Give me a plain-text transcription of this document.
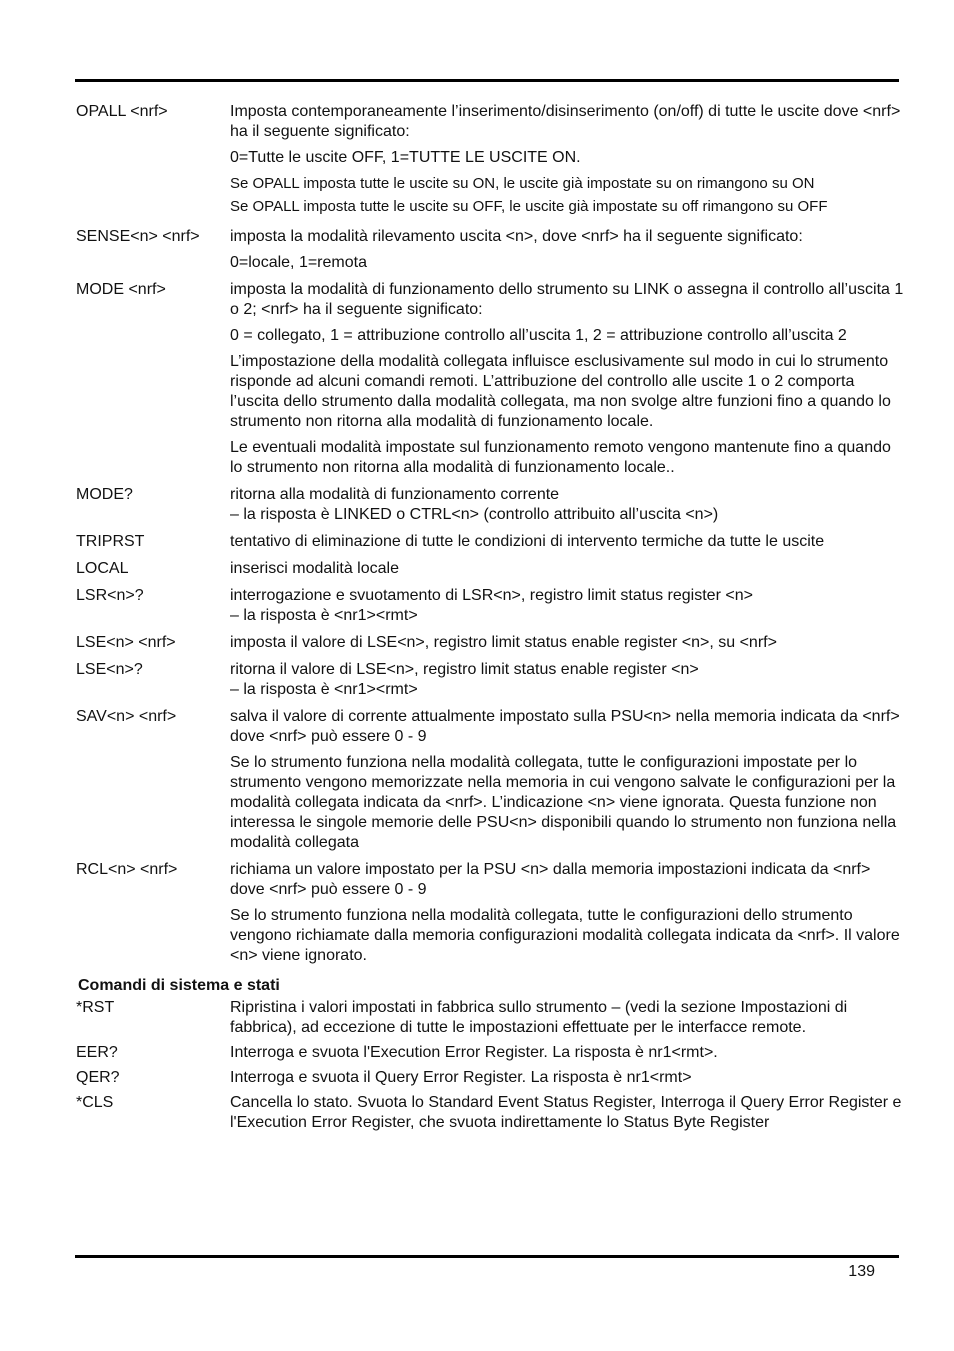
OPALL <nrf>	Imposta contemporaneamente l’inserimento/disinserimento (on/off) di tutte le uscite dove <nrf> ha il seguente significato:
0=Tutte le uscite OFF, 1=TUTTE LE USCITE ON.
Se OPALL imposta tutte le uscite su ON, le uscite già impostate su on rimangono su ON
Se OPALL imposta tutte le uscite su OFF, le uscite già impostate su off rimangono su OFF
SENSE<n> <nrf>	imposta la modalità rilevamento uscita <n>, dove <nrf> ha il seguente significato:
0=locale, 1=remota
MODE <nrf>	imposta la modalità di funzionamento dello strumento su LINK o assegna il controllo all’uscita 1 o 2; <nrf> ha il seguente significato:
0 = collegato, 1 = attribuzione controllo all’uscita 1, 2 = attribuzione controllo all’uscita 2
L’impostazione della modalità collegata influisce esclusivamente sul modo in cui lo strumento risponde ad alcuni comandi remoti. L’attribuzione del controllo alle uscite 1 o 2 comporta l’uscita dello strumento dalla modalità collegata, ma non svolge altre funzioni fino a quando lo strumento non ritorna alla modalità di funzionamento locale.
Le eventuali modalità impostate sul funzionamento remoto vengono mantenute fino a quando lo strumento non ritorna alla modalità di funzionamento locale..
MODE?	ritorna alla modalità di funzionamento corrente
– la risposta è LINKED o CTRL<n> (controllo attribuito all’uscita <n>)
TRIPRST	tentativo di eliminazione di tutte le condizioni di intervento termiche da tutte le uscite
LOCAL	inserisci modalità locale
LSR<n>?	interrogazione e svuotamento di LSR<n>, registro limit status register <n>
– la risposta è <nr1><rmt>
LSE<n> <nrf>	imposta il valore di LSE<n>, registro limit status enable register <n>, su <nrf>
LSE<n>?	ritorna il valore di LSE<n>, registro limit status enable register <n>
– la risposta è <nr1><rmt>
SAV<n> <nrf>	salva il valore di corrente attualmente impostato sulla PSU<n> nella memoria indicata da <nrf> dove <nrf> può essere 0 - 9
Se lo strumento funziona nella modalità collegata, tutte le configurazioni impostate per lo strumento vengono memorizzate nella memoria in cui vengono salvate le configurazioni per la modalità collegata indicata da <nrf>. L’indicazione <n> viene ignorata. Questa funzione non interessa le singole memorie delle PSU<n> disponibili quando lo strumento non funziona nella modalità collegata
RCL<n> <nrf>	richiama un valore impostato per la PSU <n> dalla memoria impostazioni indicata da <nrf> dove <nrf> può essere 0 - 9
Se lo strumento funziona nella modalità collegata, tutte le configurazioni dello strumento vengono richiamate dalla memoria configurazioni modalità collegata indicata da <nrf>. Il valore <n> viene ignorato.
Comandi di sistema e stati
*RST	Ripristina i valori impostati in fabbrica sullo strumento – (vedi la sezione Impostazioni di fabbrica), ad eccezione di tutte le impostazioni effettuate per le interfacce remote.
EER?	Interroga e svuota l'Execution Error Register. La risposta è nr1<rmt>.
QER?	Interroga e svuota il Query Error Register. La risposta è nr1<rmt>
*CLS	Cancella lo stato. Svuota lo Standard Event Status Register, Interroga il Query Error Register e l'Execution Error Register, che svuota indirettamente lo Status Byte Register
139
